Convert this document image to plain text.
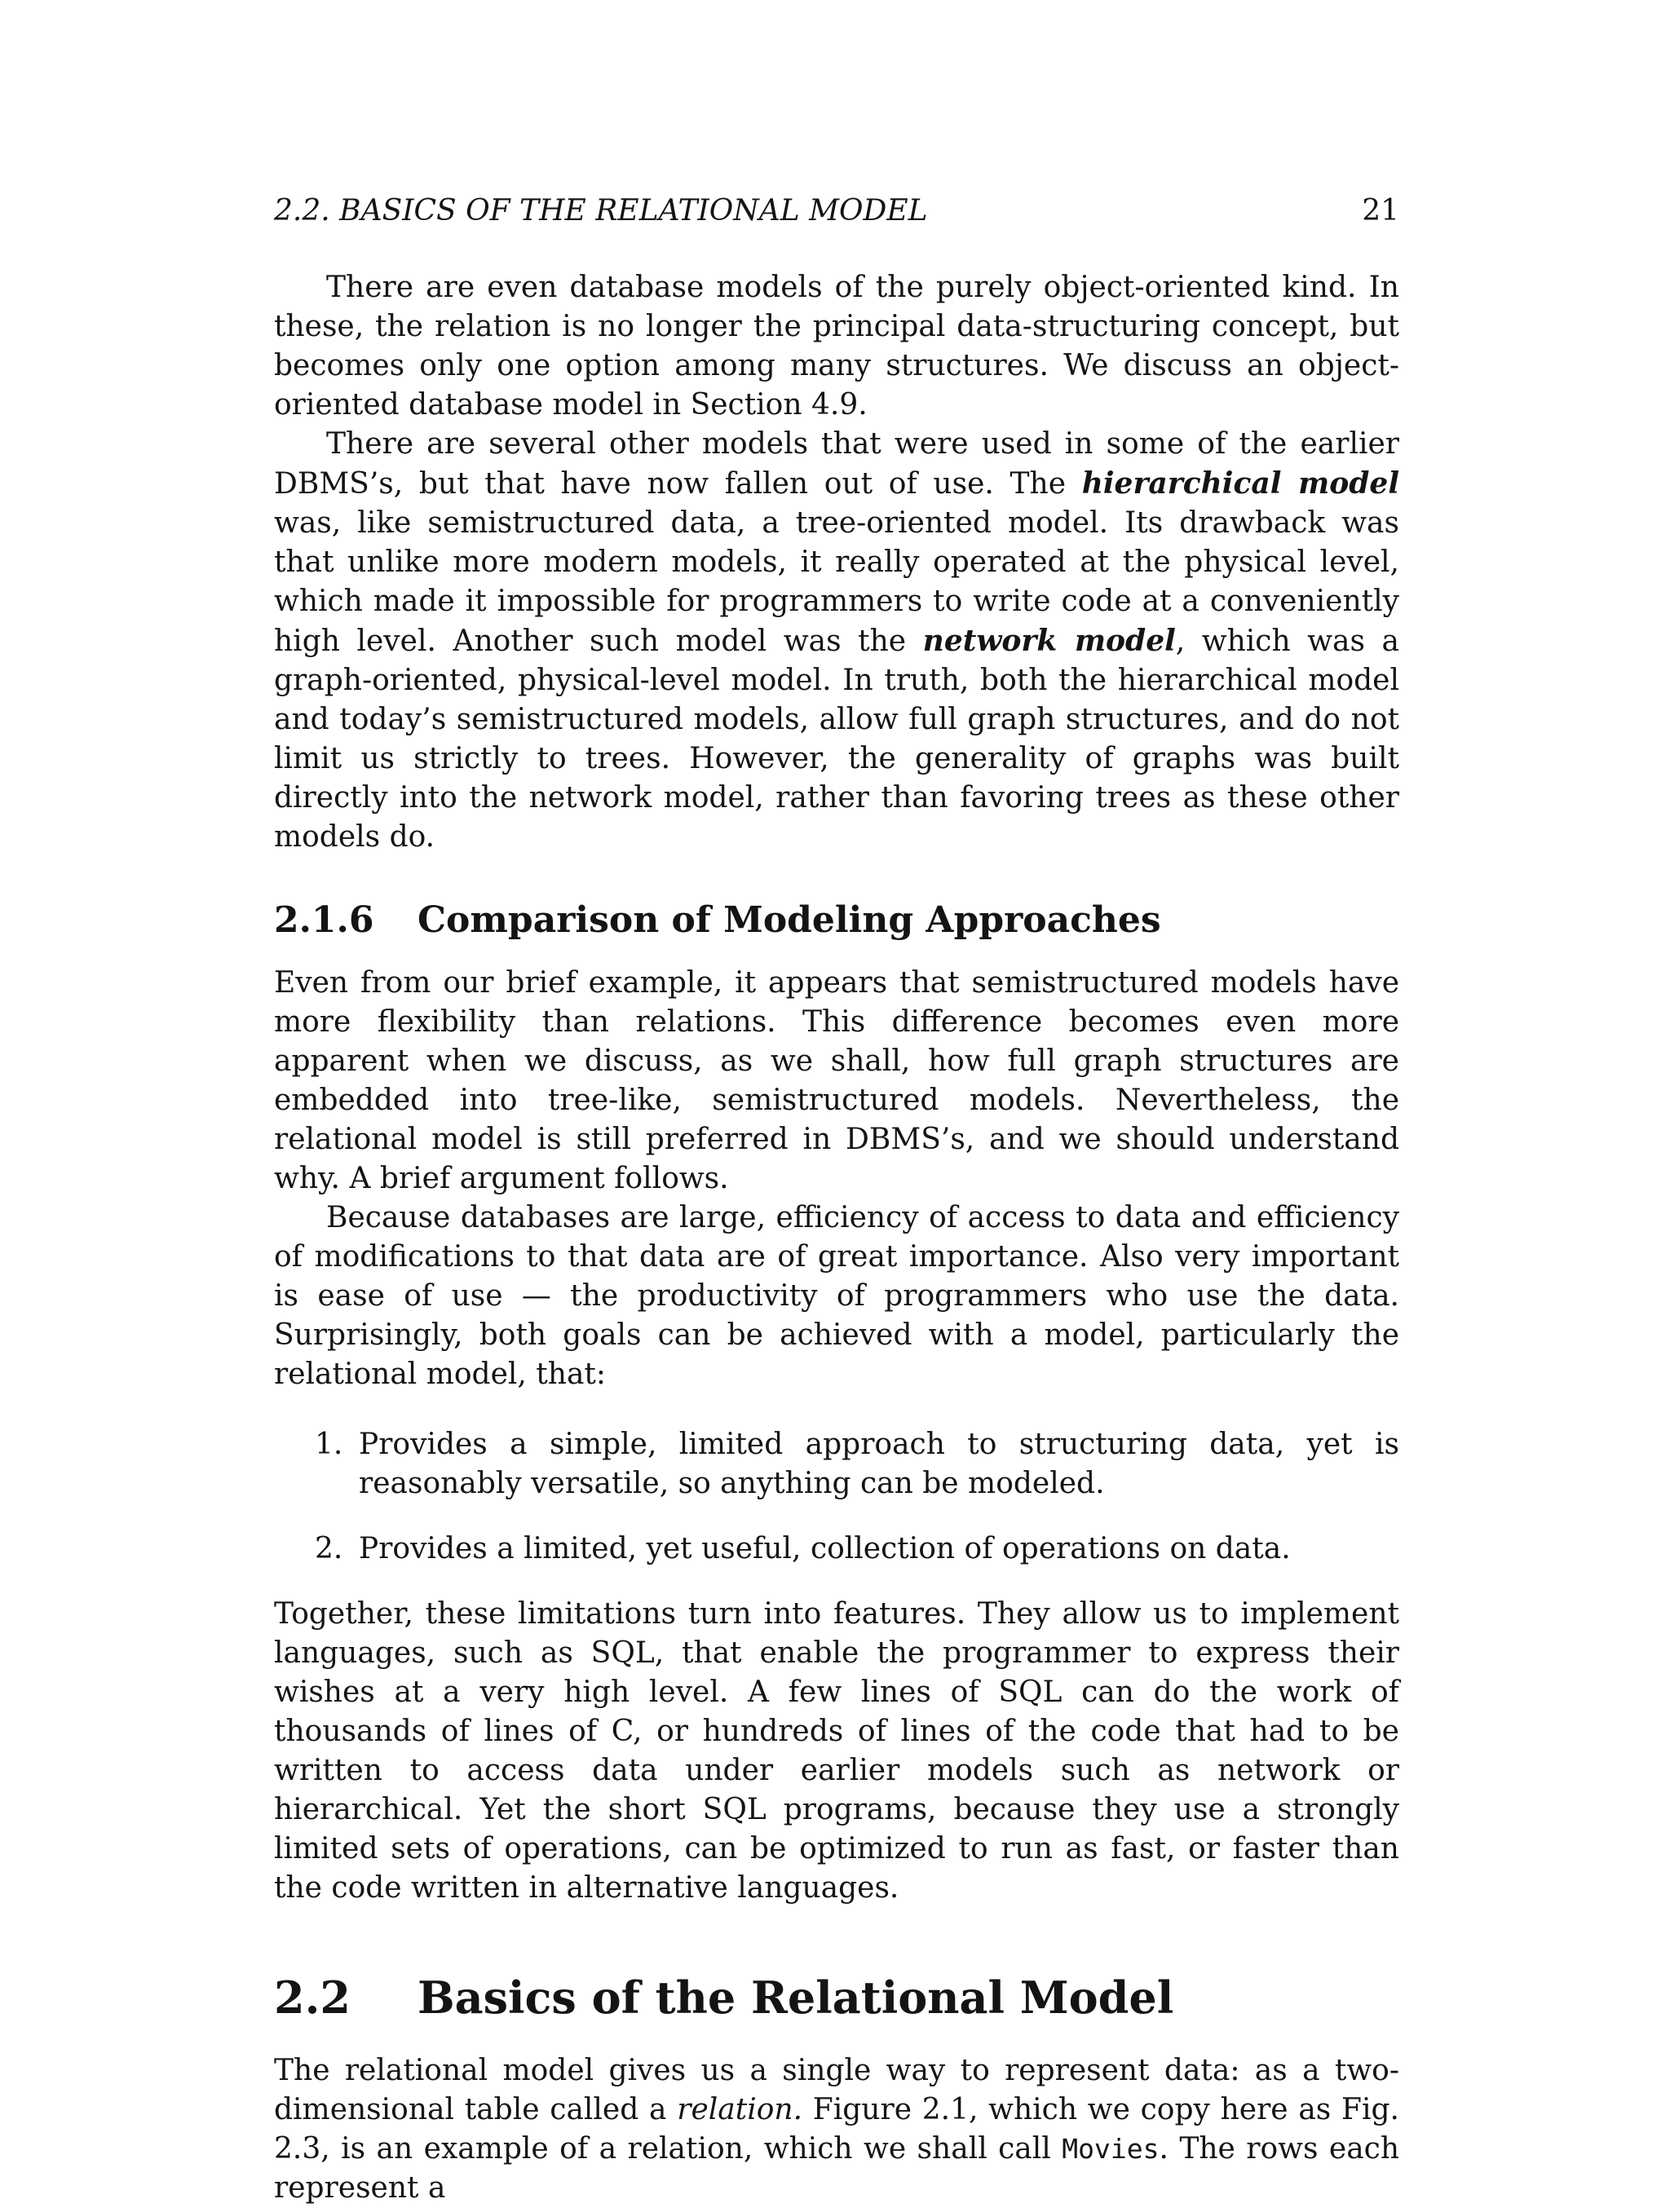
2.2. BASICS OF THE RELATIONAL MODEL	21

There are even database models of the purely object-oriented kind. In these, the relation is no longer the principal data-structuring concept, but becomes only one option among many structures. We discuss an object-oriented database model in Section 4.9.

There are several other models that were used in some of the earlier DBMS’s, but that have now fallen out of use. The hierarchical model was, like semistructured data, a tree-oriented model. Its drawback was that unlike more modern models, it really operated at the physical level, which made it impossible for programmers to write code at a conveniently high level. Another such model was the network model, which was a graph-oriented, physical-level model. In truth, both the hierarchical model and today’s semistructured models, allow full graph structures, and do not limit us strictly to trees. However, the generality of graphs was built directly into the network model, rather than favoring trees as these other models do.

2.1.6 Comparison of Modeling Approaches

Even from our brief example, it appears that semistructured models have more flexibility than relations. This difference becomes even more apparent when we discuss, as we shall, how full graph structures are embedded into tree-like, semistructured models. Nevertheless, the relational model is still preferred in DBMS’s, and we should understand why. A brief argument follows.

Because databases are large, efficiency of access to data and efficiency of modifications to that data are of great importance. Also very important is ease of use — the productivity of programmers who use the data. Surprisingly, both goals can be achieved with a model, particularly the relational model, that:

1. Provides a simple, limited approach to structuring data, yet is reasonably versatile, so anything can be modeled.
2. Provides a limited, yet useful, collection of operations on data.

Together, these limitations turn into features. They allow us to implement languages, such as SQL, that enable the programmer to express their wishes at a very high level. A few lines of SQL can do the work of thousands of lines of C, or hundreds of lines of the code that had to be written to access data under earlier models such as network or hierarchical. Yet the short SQL programs, because they use a strongly limited sets of operations, can be optimized to run as fast, or faster than the code written in alternative languages.

2.2 Basics of the Relational Model

The relational model gives us a single way to represent data: as a two-dimensional table called a relation. Figure 2.1, which we copy here as Fig. 2.3, is an example of a relation, which we shall call Movies. The rows each represent a
